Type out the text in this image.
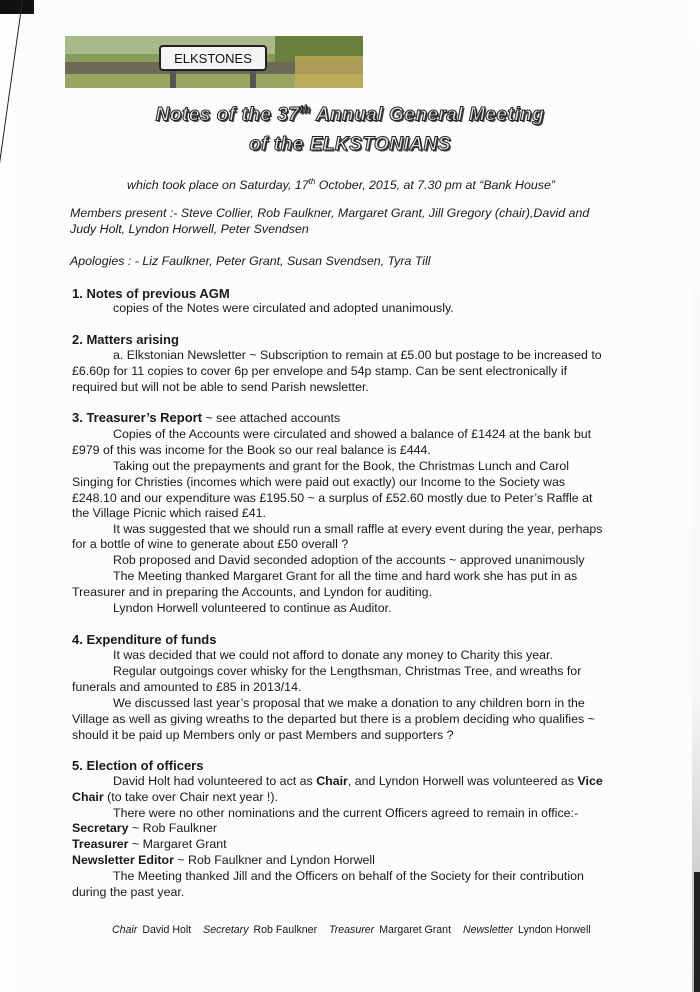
ELKSTONES
Notes of the 37th Annual General Meeting
of the ELKSTONIANS
which took place on Saturday, 17th October, 2015, at 7.30 pm at “Bank House”
Members present :- Steve Collier, Rob Faulkner, Margaret Grant, Jill Gregory (chair),David and
Judy Holt, Lyndon Horwell, Peter Svendsen
Apologies : - Liz Faulkner, Peter Grant, Susan Svendsen, Tyra Till
1. Notes of previous AGM
copies of the Notes were circulated and adopted unanimously.
2. Matters arising
a. Elkstonian Newsletter ~ Subscription to remain at £5.00 but postage to be increased to
£6.60p for 11 copies to cover 6p per envelope and 54p stamp. Can be sent electronically if
required but will not be able to send Parish newsletter.
3. Treasurer’s Report ~ see attached accounts
Copies of the Accounts were circulated and showed a balance of £1424 at the bank but
£979 of this was income for the Book so our real balance is £444.
Taking out the prepayments and grant for the Book, the Christmas Lunch and Carol
Singing for Christies (incomes which were paid out exactly) our Income to the Society was
£248.10 and our expenditure was £195.50 ~ a surplus of £52.60 mostly due to Peter’s Raffle at
the Village Picnic which raised £41.
It was suggested that we should run a small raffle at every event during the year, perhaps
for a bottle of wine to generate about £50 overall ?
Rob proposed and David seconded adoption of the accounts ~ approved unanimously
The Meeting thanked Margaret Grant for all the time and hard work she has put in as
Treasurer and in preparing the Accounts, and Lyndon for auditing.
Lyndon Horwell volunteered to continue as Auditor.
4. Expenditure of funds
It was decided that we could not afford to donate any money to Charity this year.
Regular outgoings cover whisky for the Lengthsman, Christmas Tree, and wreaths for
funerals and amounted to £85 in 2013/14.
We discussed last year’s proposal that we make a donation to any children born in the
Village as well as giving wreaths to the departed but there is a problem deciding who qualifies ~
should it be paid up Members only or past Members and supporters ?
5. Election of officers
David Holt had volunteered to act as Chair, and Lyndon Horwell was volunteered as Vice
Chair (to take over Chair next year !).
There were no other nominations and the current Officers agreed to remain in office:-
Secretary ~ Rob Faulkner
Treasurer ~ Margaret Grant
Newsletter Editor ~ Rob Faulkner and Lyndon Horwell
The Meeting thanked Jill and the Officers on behalf of the Society for their contribution
during the past year.
Chair David Holt Secretary Rob Faulkner Treasurer Margaret Grant Newsletter Lyndon Horwell
